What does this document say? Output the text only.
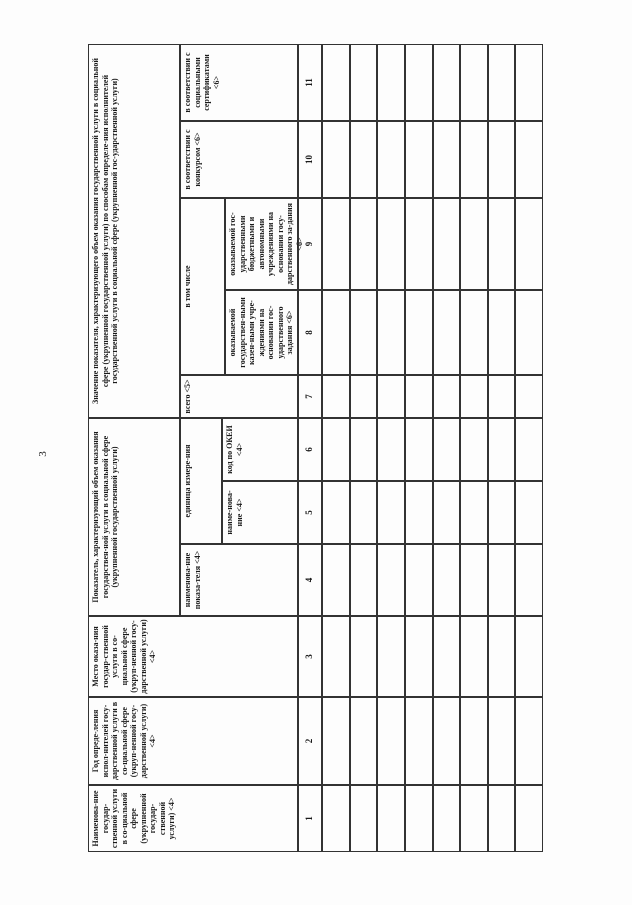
3
Наименова-ние государ-ственной услуги в со-циальной сфере (укрупненной государ-ственной услуги) <4>
Год опреде-ления испол-нителей госу-дарственной услуги в со-циальной сфере (укруп-ненной госу-дарственной услуги) <4>
Место оказа-ния государ-ственной услуги в со-циальной сфере (укруп-ненной госу-дарственной услуги) <4>
Показатель, характеризующий объем оказания государствен-ной услуги в социальной сфере (укрупненной государственной услуги)	наименова-ние показа-теля <4>
единица измере-ния	наиме-нова-ние <4>
код по ОКЕИ <4>
Значение показателя, характеризующего объем оказания государственной услуги в социальной сфере (укрупненной государственной услуги) по способам определе-ния исполнителей государственной услуги в социальной сфере (укрупненной гос-ударственной услуги)
всего <5>
в том числе
оказываемой государствен-ными казен-ными учре-ждениями на основании гос-ударственного задания <6>
оказываемой гос-ударственными бюджетными и автономными учреждениями на основании госу-дарственного за-дания <6>
в соответствии с конкурсом <6>
в соответствии с социальными сертификатами <6>
1
2
3
4
5
6
7
8
9
10
11
